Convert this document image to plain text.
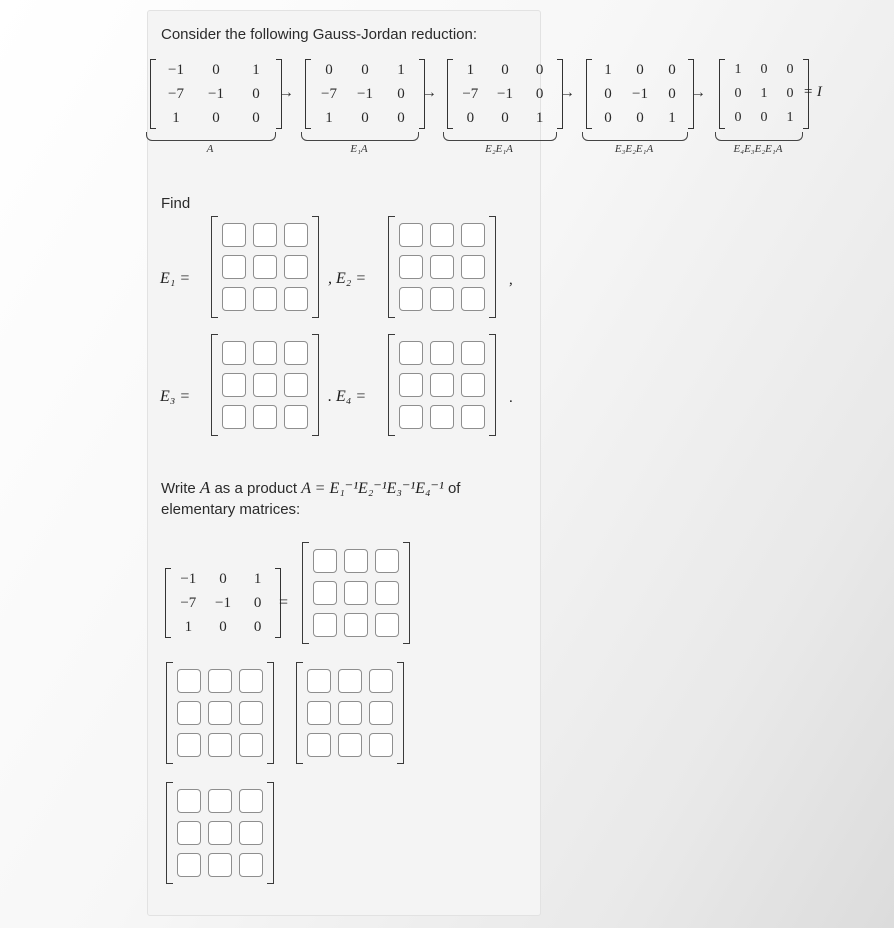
Consider the following Gauss-Jordan reduction:
−1 0 1
−7 −1 0
1 0 0
A
→
0 0 1
−7 −1 0
1 0 0
E₁A
→
1 0 0
−7 −1 0
0 0 1
E₂E₁A
→
1 0 0
0 −1 0
0 0 1
E₃E₂E₁A
→
1 0 0
0 1 0
0 0 1
E₄E₃E₂E₁A
= I
Find
E₁ =	, E₂ =	,
E₃ =	. E₄ =	.
Write A as a product A = E₁⁻¹E₂⁻¹E₃⁻¹E₄⁻¹ of
elementary matrices:
−1 0 1
−7 −1 0
1 0 0
=
